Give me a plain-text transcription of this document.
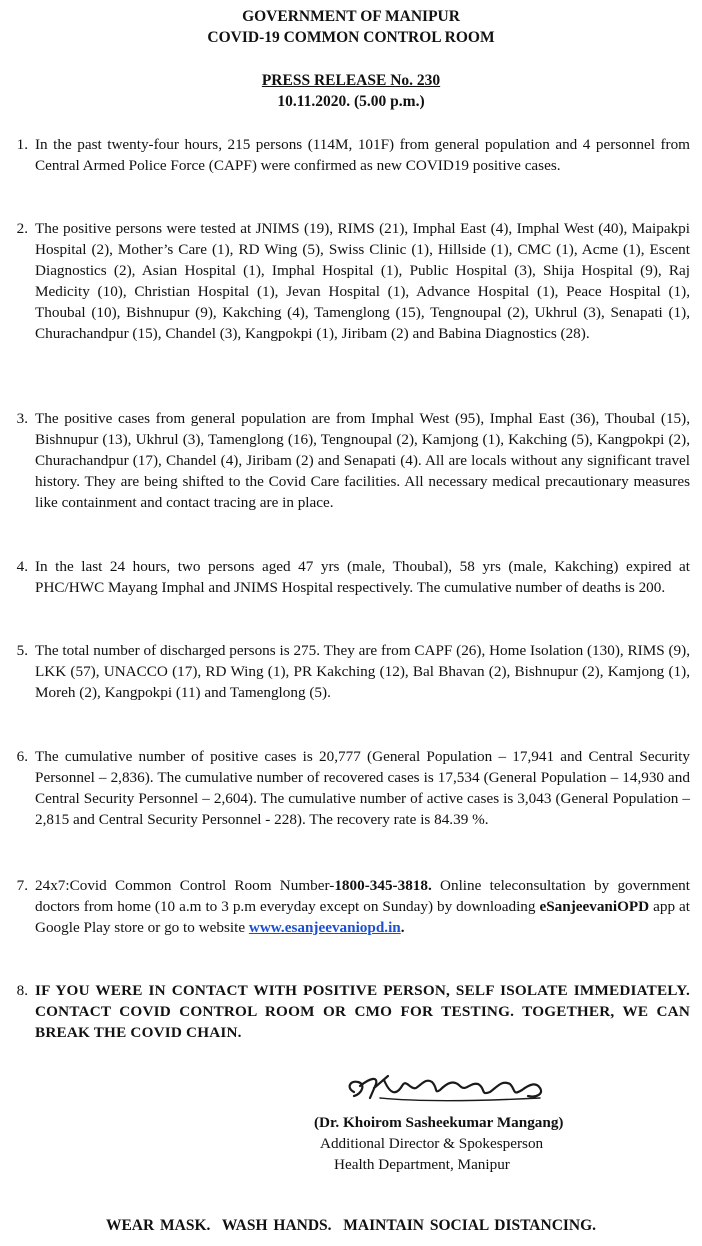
GOVERNMENT OF MANIPUR
COVID-19 COMMON CONTROL ROOM
PRESS RELEASE No. 230
10.11.2020. (5.00 p.m.)
1. In the past twenty-four hours, 215 persons (114M, 101F) from general population and 4 personnel from Central Armed Police Force (CAPF) were confirmed as new COVID19 positive cases.
2. The positive persons were tested at JNIMS (19), RIMS (21), Imphal East (4), Imphal West (40), Maipakpi Hospital (2), Mother’s Care (1), RD Wing (5), Swiss Clinic (1), Hillside (1), CMC (1), Acme (1), Escent Diagnostics (2), Asian Hospital (1), Imphal Hospital (1), Public Hospital (3), Shija Hospital (9), Raj Medicity (10), Christian Hospital (1), Jevan Hospital (1), Advance Hospital (1), Peace Hospital (1), Thoubal (10), Bishnupur (9), Kakching (4), Tamenglong (15), Tengnoupal (2), Ukhrul (3), Senapati (1), Churachandpur (15), Chandel (3), Kangpokpi (1), Jiribam (2) and Babina Diagnostics (28).
3. The positive cases from general population are from Imphal West (95), Imphal East (36), Thoubal (15), Bishnupur (13), Ukhrul (3), Tamenglong (16), Tengnoupal (2), Kamjong (1), Kakching (5), Kangpokpi (2), Churachandpur (17), Chandel (4), Jiribam (2) and Senapati (4). All are locals without any significant travel history. They are being shifted to the Covid Care facilities. All necessary medical precautionary measures like containment and contact tracing are in place.
4. In the last 24 hours, two persons aged 47 yrs (male, Thoubal), 58 yrs (male, Kakching) expired at PHC/HWC Mayang Imphal and JNIMS Hospital respectively. The cumulative number of deaths is 200.
5. The total number of discharged persons is 275. They are from CAPF (26), Home Isolation (130), RIMS (9), LKK (57), UNACCO (17), RD Wing (1), PR Kakching (12), Bal Bhavan (2), Bishnupur (2), Kamjong (1), Moreh (2), Kangpokpi (11) and Tamenglong (5).
6. The cumulative number of positive cases is 20,777 (General Population – 17,941 and Central Security Personnel – 2,836). The cumulative number of recovered cases is 17,534 (General Population – 14,930 and Central Security Personnel – 2,604). The cumulative number of active cases is 3,043 (General Population – 2,815 and Central Security Personnel - 228). The recovery rate is 84.39 %.
7. 24x7:Covid Common Control Room Number-1800-345-3818. Online teleconsultation by government doctors from home (10 a.m to 3 p.m everyday except on Sunday) by downloading eSanjeevaniOPD app at Google Play store or go to website www.esanjeevaniopd.in.
8. IF YOU WERE IN CONTACT WITH POSITIVE PERSON, SELF ISOLATE IMMEDIATELY. CONTACT COVID CONTROL ROOM OR CMO FOR TESTING. TOGETHER, WE CAN BREAK THE COVID CHAIN.
(Dr. Khoirom Sasheekumar Mangang)
Additional Director & Spokesperson
Health Department, Manipur
WEAR MASK.  WASH HANDS.  MAINTAIN SOCIAL DISTANCING.
